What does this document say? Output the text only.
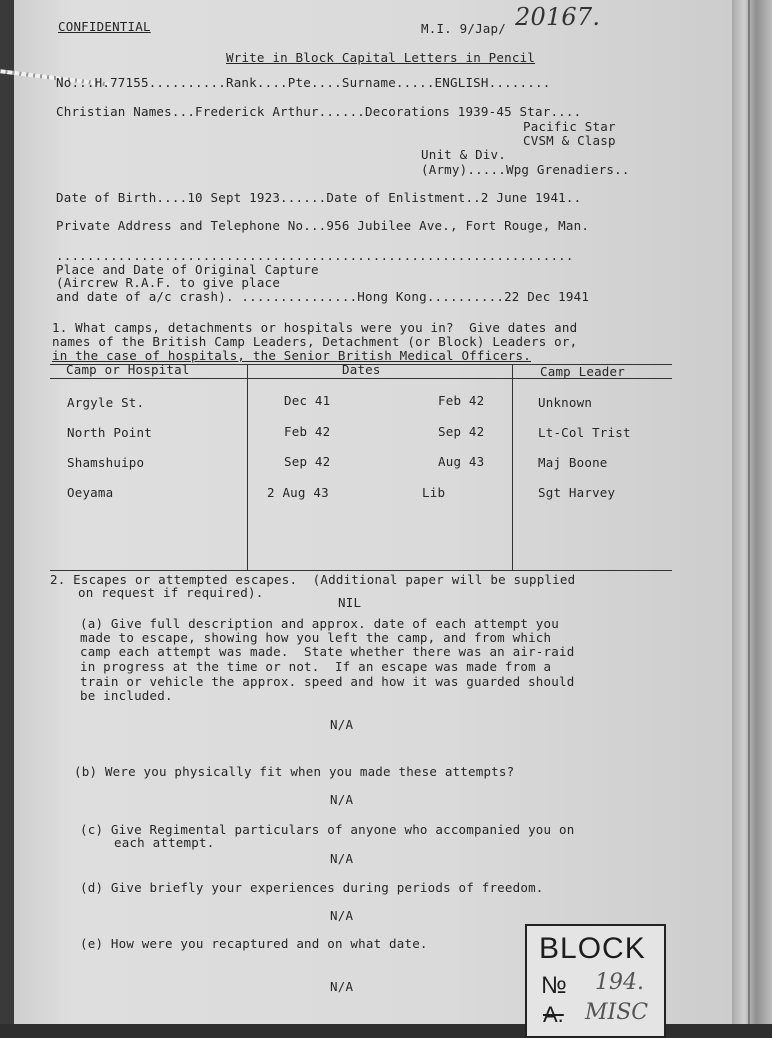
CONFIDENTIAL	M.I. 9/Jap/ 20167.
Write in Block Capital Letters in Pencil
No...H.77155..........Rank....Pte....Surname.....ENGLISH........
Christian Names...Frederick Arthur......Decorations 1939-45 Star....
Pacific Star
CVSM & Clasp
Unit & Div.
(Army).....Wpg Grenadiers..
Date of Birth....10 Sept 1923......Date of Enlistment..2 June 1941..
Private Address and Telephone No...956 Jubilee Ave., Fort Rouge, Man.
...................................................................
Place and Date of Original Capture
(Aircrew R.A.F. to give place
and date of a/c crash). ...............Hong Kong..........22 Dec 1941
1. What camps, detachments or hospitals were you in?  Give dates and
names of the British Camp Leaders, Detachment (or Block) Leaders or,
in the case of hospitals, the Senior British Medical Officers.
Camp or Hospital	Dates	Camp Leader
Argyle St.	Dec 41	Feb 42	Unknown
North Point	Feb 42	Sep 42	Lt-Col Trist
Shamshuipo	Sep 42	Aug 43	Maj Boone
Oeyama	2 Aug 43	Lib	Sgt Harvey
2. Escapes or attempted escapes.  (Additional paper will be supplied
on request if required).
NIL
(a) Give full description and approx. date of each attempt you
made to escape, showing how you left the camp, and from which
camp each attempt was made.  State whether there was an air-raid
in progress at the time or not.  If an escape was made from a
train or vehicle the approx. speed and how it was guarded should
be included.
N/A
(b) Were you physically fit when you made these attempts?
N/A
(c) Give Regimental particulars of anyone who accompanied you on
each attempt.
N/A
(d) Give briefly your experiences during periods of freedom.
N/A
(e) How were you recaptured and on what date.
N/A
BLOCK
№ 194.
A. MISC
